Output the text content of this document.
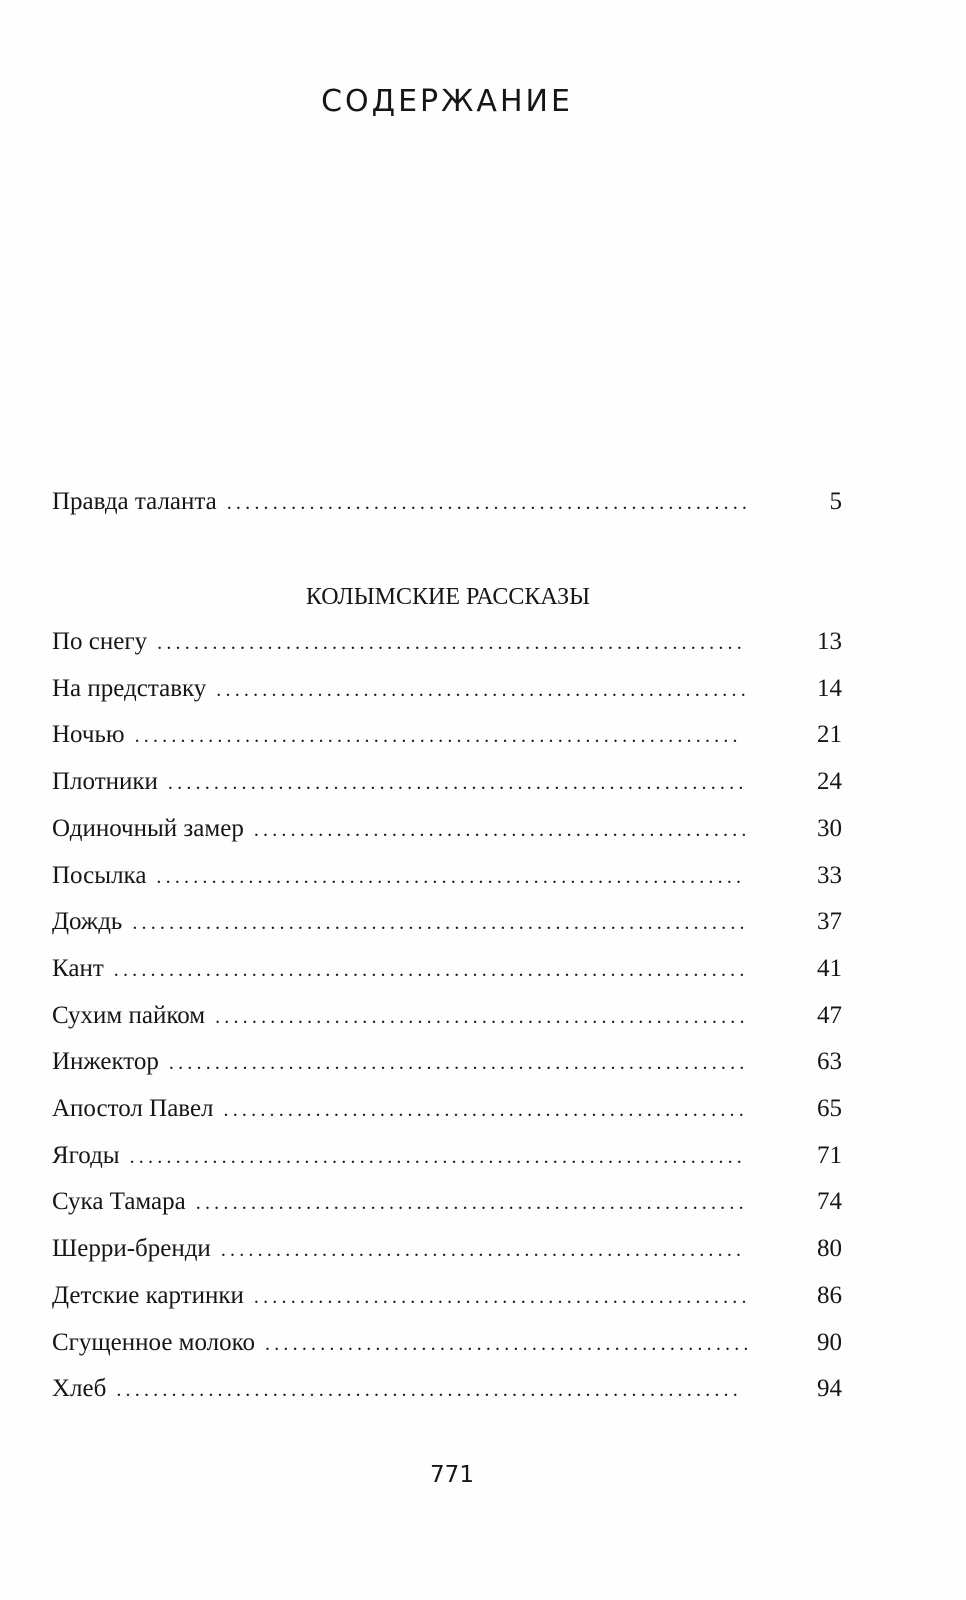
СОДЕРЖАНИЕ
Правда таланта .........................................................	5
КОЛЫМСКИЕ РАССКАЗЫ
По снегу ................................................................	13
На представку ..........................................................	14
Ночью ..................................................................	21
Плотники ...............................................................	24
Одиночный замер ......................................................	30
Посылка ................................................................	33
Дождь ...................................................................	37
Кант .....................................................................	41
Сухим пайком ..........................................................	47
Инжектор ...............................................................	63
Апостол Павел .........................................................	65
Ягоды ...................................................................	71
Сука Тамара ............................................................	74
Шерри-бренди .........................................................	80
Детские картинки ......................................................	86
Сгущенное молоко .....................................................	90
Хлеб ....................................................................	94
771
